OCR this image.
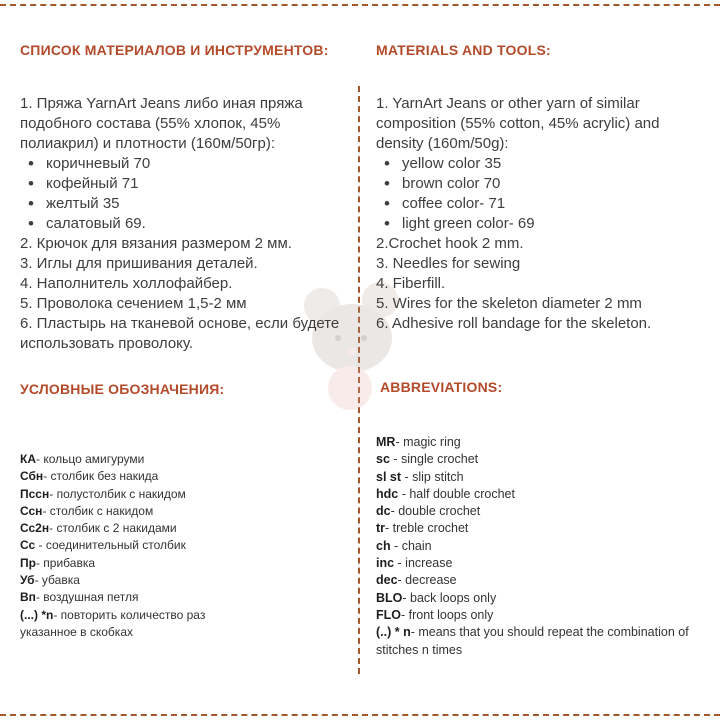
СПИСОК МАТЕРИАЛОВ И ИНСТРУМЕНТОВ:

1. Пряжа YarnArt Jeans либо иная пряжа подобного состава (55% хлопок, 45% полиакрил) и плотности (160м/50гр):

• коричневый 70
• кофейный 71
• желтый 35
• салатовый 69.

2. Крючок для вязания размером 2 мм.

3. Иглы для пришивания деталей.

4. Наполнитель холлофайбер.

5. Проволока сечением 1,5-2 мм

6. Пластырь на тканевой основе, если будете использовать проволоку.

УСЛОВНЫЕ ОБОЗНАЧЕНИЯ:

КА- кольцо амигуруми

Сбн- столбик без накида

Пссн- полустолбик с накидом

Ссн- столбик с накидом

Сс2н- столбик с 2 накидами

Сс - соединительный столбик

Пр- прибавка

Уб- убавка

Вп- воздушная петля

(...) *n- повторить количество раз указанное в скобках

MATERIALS AND TOOLS:

1. YarnArt Jeans or other yarn of similar composition (55% cotton, 45% acrylic) and density (160m/50g):

• yellow color 35
• brown color 70
• coffee color- 71
• light green color- 69

2.Crochet hook 2 mm.

3. Needles for sewing

4. Fiberfill.

5. Wires for the skeleton diameter 2 mm

6. Adhesive roll bandage for the skeleton.

ABBREVIATIONS:

MR- magic ring

sc - single crochet

sl st - slip stitch

hdc - half double crochet

dc- double crochet

tr- treble crochet

ch - chain

inc - increase

dec- decrease

BLO- back loops only

FLO- front loops only

(..) * n- means that you should repeat the combination of stitches n times
